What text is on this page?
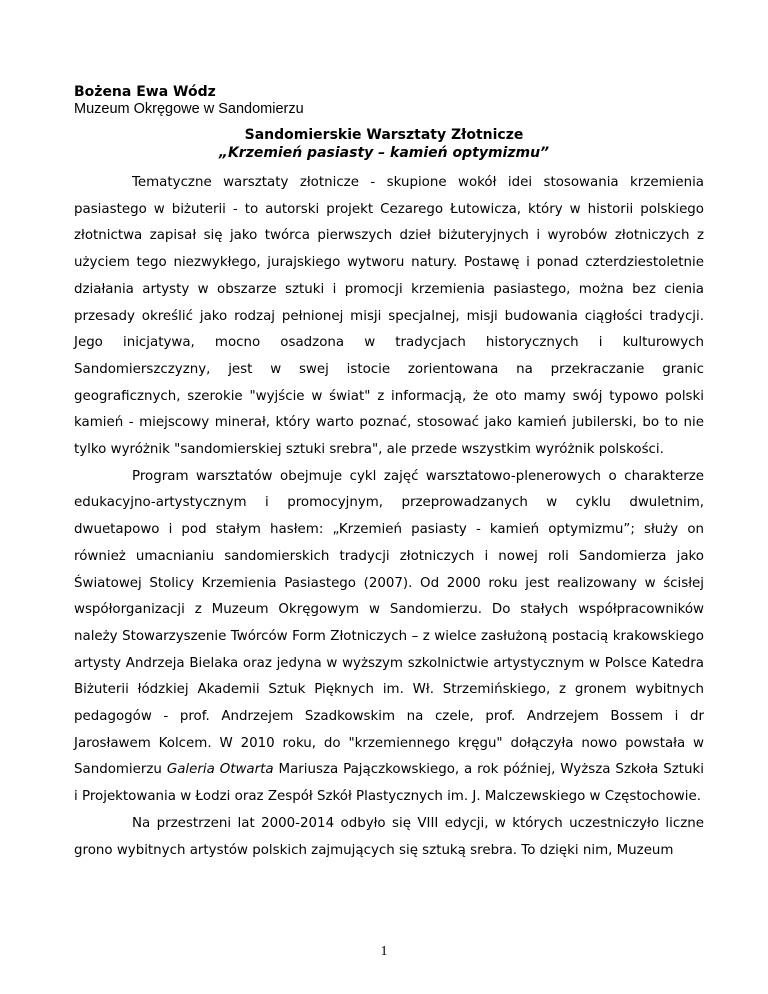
Bożena Ewa Wódz
Muzeum Okręgowe w Sandomierzu
Sandomierskie Warsztaty Złotnicze
„Krzemień pasiasty – kamień optymizmu”

Tematyczne warsztaty złotnicze - skupione wokół idei stosowania krzemienia pasiastego w biżuterii - to autorski projekt Cezarego Łutowicza, który w historii polskiego złotnictwa zapisał się jako twórca pierwszych dzieł biżuteryjnych i wyrobów złotniczych z użyciem tego niezwykłego, jurajskiego wytworu natury. Postawę i ponad czterdziestoletnie działania artysty w obszarze sztuki i promocji krzemienia pasiastego, można bez cienia przesady określić jako rodzaj pełnionej misji specjalnej, misji budowania ciągłości tradycji. Jego inicjatywa, mocno osadzona w tradycjach historycznych i kulturowych Sandomierszczyzny, jest w swej istocie zorientowana na przekraczanie granic geograficznych, szerokie "wyjście w świat" z informacją, że oto mamy swój typowo polski kamień - miejscowy minerał, który warto poznać, stosować jako kamień jubilerski, bo to nie tylko wyróżnik "sandomierskiej sztuki srebra", ale przede wszystkim wyróżnik polskości.

Program warsztatów obejmuje cykl zajęć warsztatowo-plenerowych o charakterze edukacyjno-artystycznym i promocyjnym, przeprowadzanych w cyklu dwuletnim, dwuetapowo i pod stałym hasłem: „Krzemień pasiasty - kamień optymizmu”; służy on również umacnianiu sandomierskich tradycji złotniczych i nowej roli Sandomierza jako Światowej Stolicy Krzemienia Pasiastego (2007). Od 2000 roku jest realizowany w ścisłej współorganizacji z Muzeum Okręgowym w Sandomierzu. Do stałych współpracowników należy Stowarzyszenie Twórców Form Złotniczych – z wielce zasłużoną postacią krakowskiego artysty Andrzeja Bielaka oraz jedyna w wyższym szkolnictwie artystycznym w Polsce Katedra Biżuterii łódzkiej Akademii Sztuk Pięknych im. Wł. Strzemińskiego, z gronem wybitnych pedagogów - prof. Andrzejem Szadkowskim na czele, prof. Andrzejem Bossem i dr Jarosławem Kolcem. W 2010 roku, do "krzemiennego kręgu" dołączyła nowo powstała w Sandomierzu Galeria Otwarta Mariusza Pajączkowskiego, a rok później, Wyższa Szkoła Sztuki i Projektowania w Łodzi oraz Zespół Szkół Plastycznych im. J. Malczewskiego w Częstochowie.

Na przestrzeni lat 2000-2014 odbyło się VIII edycji, w których uczestniczyło liczne grono wybitnych artystów polskich zajmujących się sztuką srebra. To dzięki nim, Muzeum

1
